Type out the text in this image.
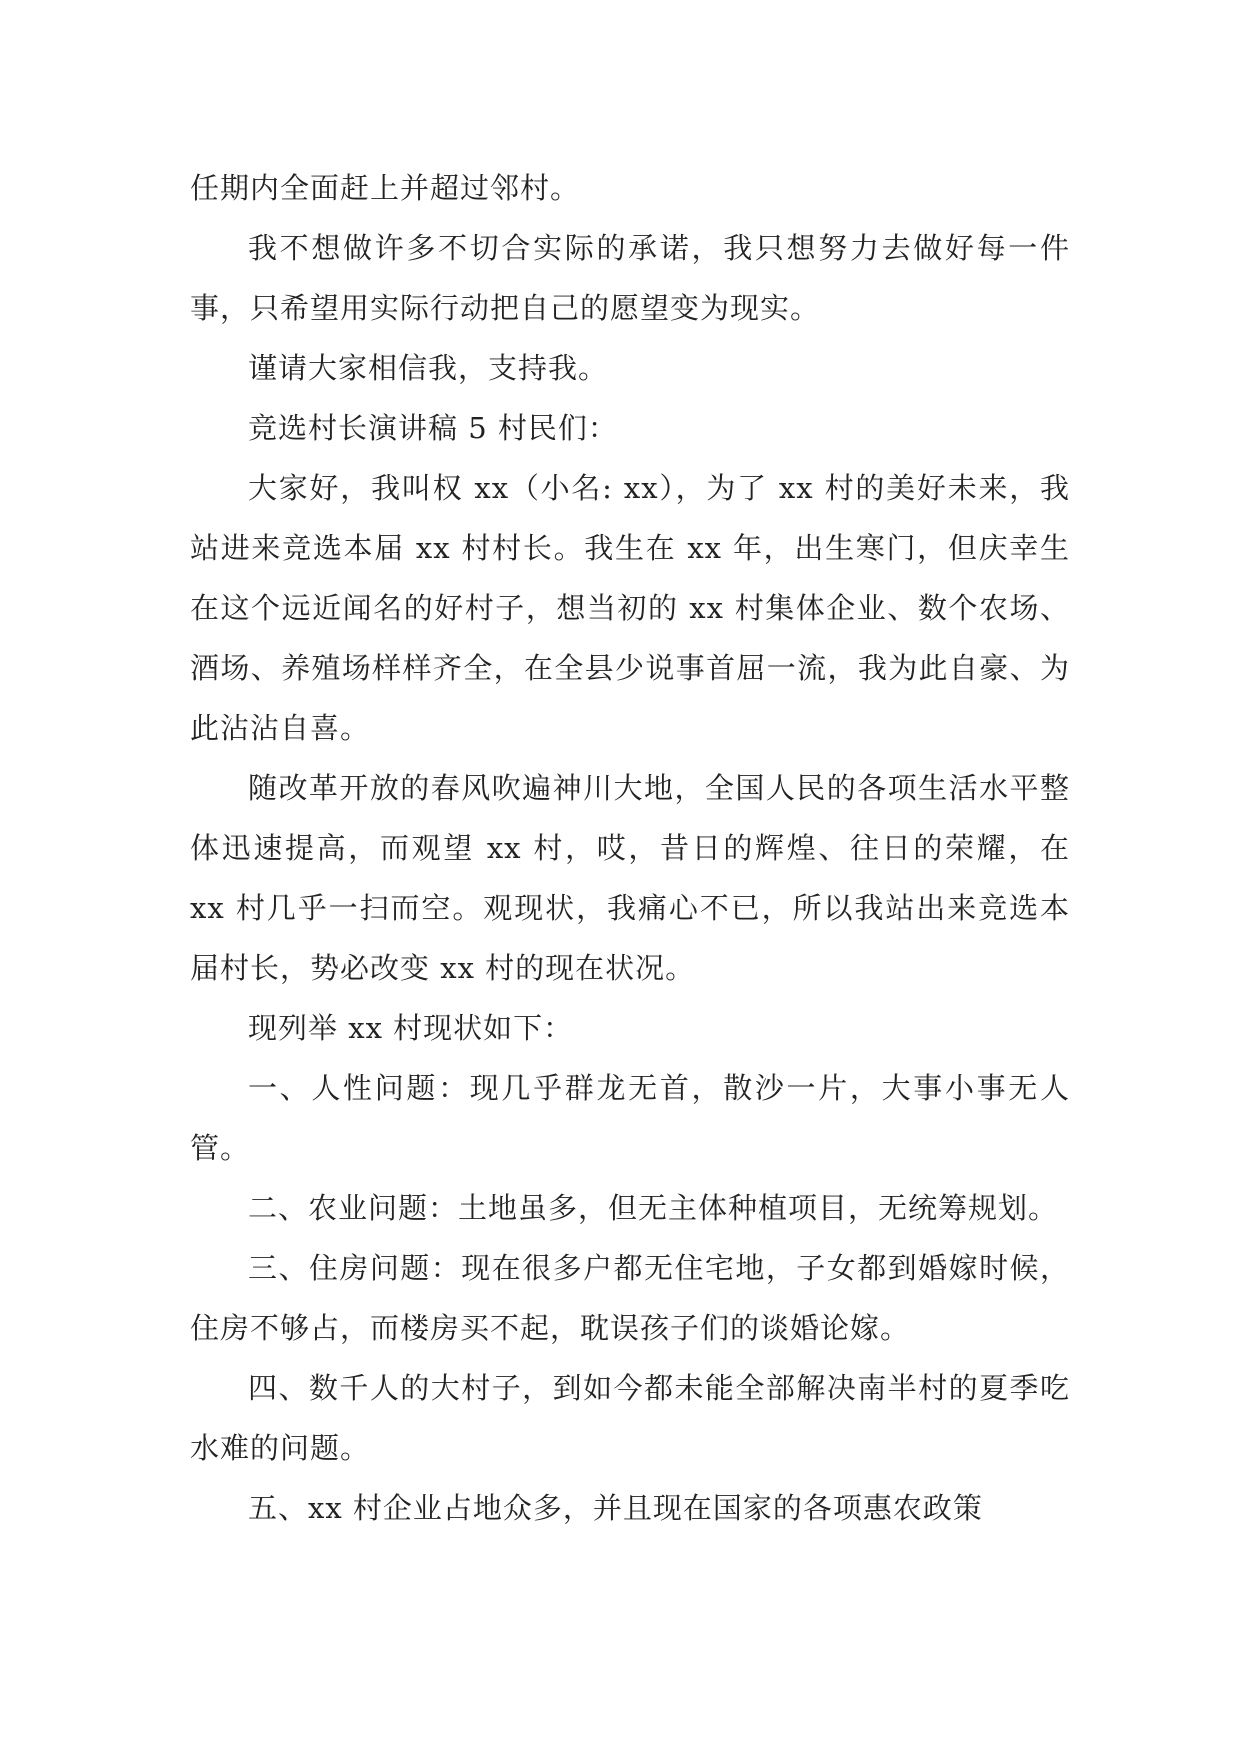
任期内全面赶上并超过邻村。

我不想做许多不切合实际的承诺，我只想努力去做好每一件事，只希望用实际行动把自己的愿望变为现实。

谨请大家相信我，支持我。

竞选村长演讲稿 5 村民们：

大家好，我叫权 xx（小名: xx），为了 xx 村的美好未来，我站进来竞选本届 xx 村村长。我生在 xx 年，出生寒门，但庆幸生在这个远近闻名的好村子，想当初的 xx 村集体企业、数个农场、酒场、养殖场样样齐全，在全县少说事首屈一流，我为此自豪、为此沾沾自喜。

随改革开放的春风吹遍神川大地，全国人民的各项生活水平整体迅速提高，而观望 xx 村，哎，昔日的辉煌、往日的荣耀，在 xx 村几乎一扫而空。观现状，我痛心不已，所以我站出来竞选本届村长，势必改变 xx 村的现在状况。

现列举 xx 村现状如下：

一、人性问题：现几乎群龙无首，散沙一片，大事小事无人管。

二、农业问题：土地虽多，但无主体种植项目，无统筹规划。

三、住房问题：现在很多户都无住宅地，子女都到婚嫁时候，住房不够占，而楼房买不起，耽误孩子们的谈婚论嫁。

四、数千人的大村子，到如今都未能全部解决南半村的夏季吃水难的问题。

五、xx 村企业占地众多，并且现在国家的各项惠农政策
